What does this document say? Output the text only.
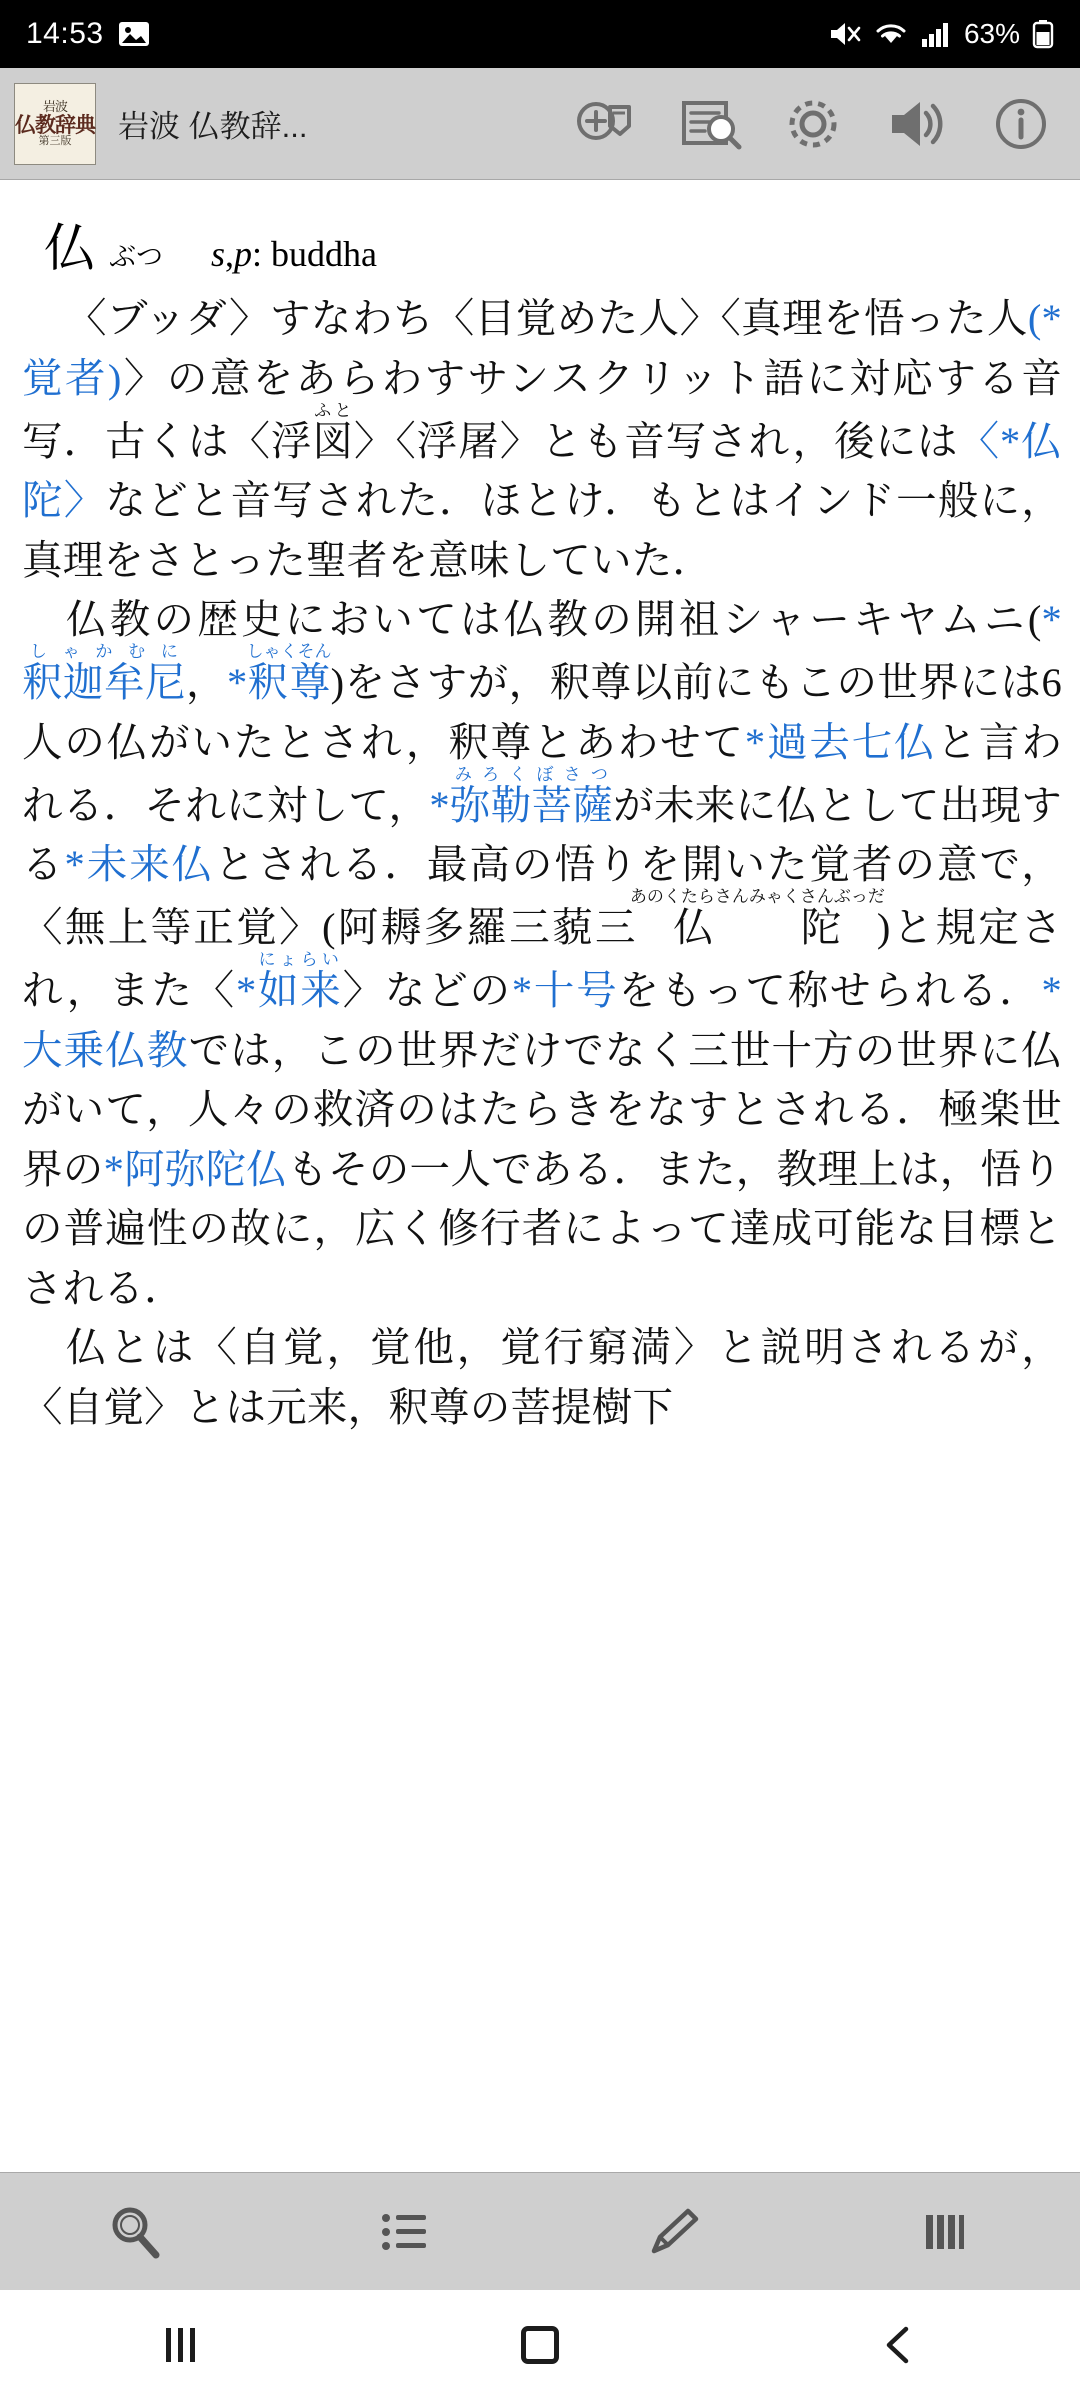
14:53	63%
岩波
仏教辞典
第三版 岩波 仏教辞...
仏 ぶつ s,p: buddha

〈ブッダ〉すなわち〈目覚めた人〉〈真理を悟った人(*覚者)〉の意をあらわすサンスクリット語に対応する音写．古くは〈浮図ふと〉〈浮屠〉とも音写され，後には〈*仏陀〉などと音写された．ほとけ．もとはインド一般に，真理をさとった聖者を意味していた．

仏教の歴史においては仏教の開祖シャーキヤムニ(*釈迦牟尼しゃかむに，*釈尊しゃくそん)をさすが，釈尊以前にもこの世界には6人の仏がいたとされ，釈尊とあわせて*過去七仏と言われる．それに対して，*弥勒菩薩みろくぼさつが未来に仏として出現する*未来仏とされる．最高の悟りを開いた覚者の意で，〈無上等正覚〉(阿耨多羅三藐三仏陀あのくたらさんみゃくさんぶっだ)と規定され，また〈*如来にょらい〉などの*十号をもって称せられる．*大乗仏教では，この世界だけでなく三世十方の世界に仏がいて，人々の救済のはたらきをなすとされる．極楽世界の*阿弥陀仏もその一人である．また，教理上は，悟りの普遍性の故に，広く修行者によって達成可能な目標とされる．

仏とは〈自覚，覚他，覚行窮満〉と説明されるが，〈自覚〉とは元来，釈尊の菩提樹下
